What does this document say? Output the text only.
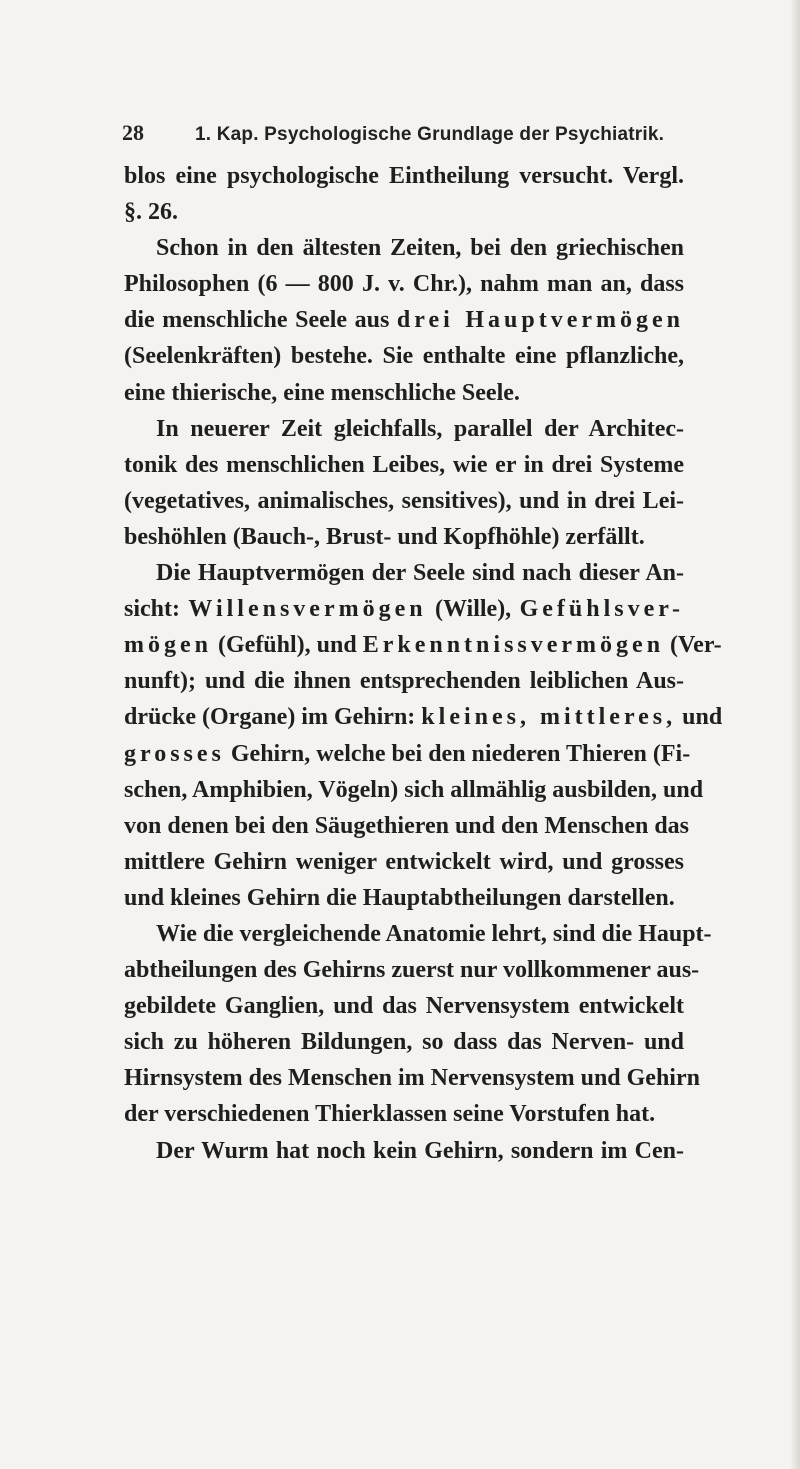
28	1. Kap. Psychologische Grundlage der Psychiatrik.
blos eine psychologische Eintheilung versucht. Vergl.
§. 26.
Schon in den ältesten Zeiten, bei den griechischen
Philosophen (6 — 800 J. v. Chr.), nahm man an, dass
die menschliche Seele aus drei Hauptvermögen
(Seelenkräften) bestehe. Sie enthalte eine pflanzliche,
eine thierische, eine menschliche Seele.
In neuerer Zeit gleichfalls, parallel der Architec-
tonik des menschlichen Leibes, wie er in drei Systeme
(vegetatives, animalisches, sensitives), und in drei Lei-
beshöhlen (Bauch-, Brust- und Kopfhöhle) zerfällt.
Die Hauptvermögen der Seele sind nach dieser An-
sicht: Willensvermögen (Wille), Gefühlsver-
mögen (Gefühl), und Erkenntnissvermögen (Ver-
nunft); und die ihnen entsprechenden leiblichen Aus-
drücke (Organe) im Gehirn: kleines, mittleres, und
grosses Gehirn, welche bei den niederen Thieren (Fi-
schen, Amphibien, Vögeln) sich allmählig ausbilden, und
von denen bei den Säugethieren und den Menschen das
mittlere Gehirn weniger entwickelt wird, und grosses
und kleines Gehirn die Hauptabtheilungen darstellen.
Wie die vergleichende Anatomie lehrt, sind die Haupt-
abtheilungen des Gehirns zuerst nur vollkommener aus-
gebildete Ganglien, und das Nervensystem entwickelt
sich zu höheren Bildungen, so dass das Nerven- und
Hirnsystem des Menschen im Nervensystem und Gehirn
der verschiedenen Thierklassen seine Vorstufen hat.
Der Wurm hat noch kein Gehirn, sondern im Cen-
